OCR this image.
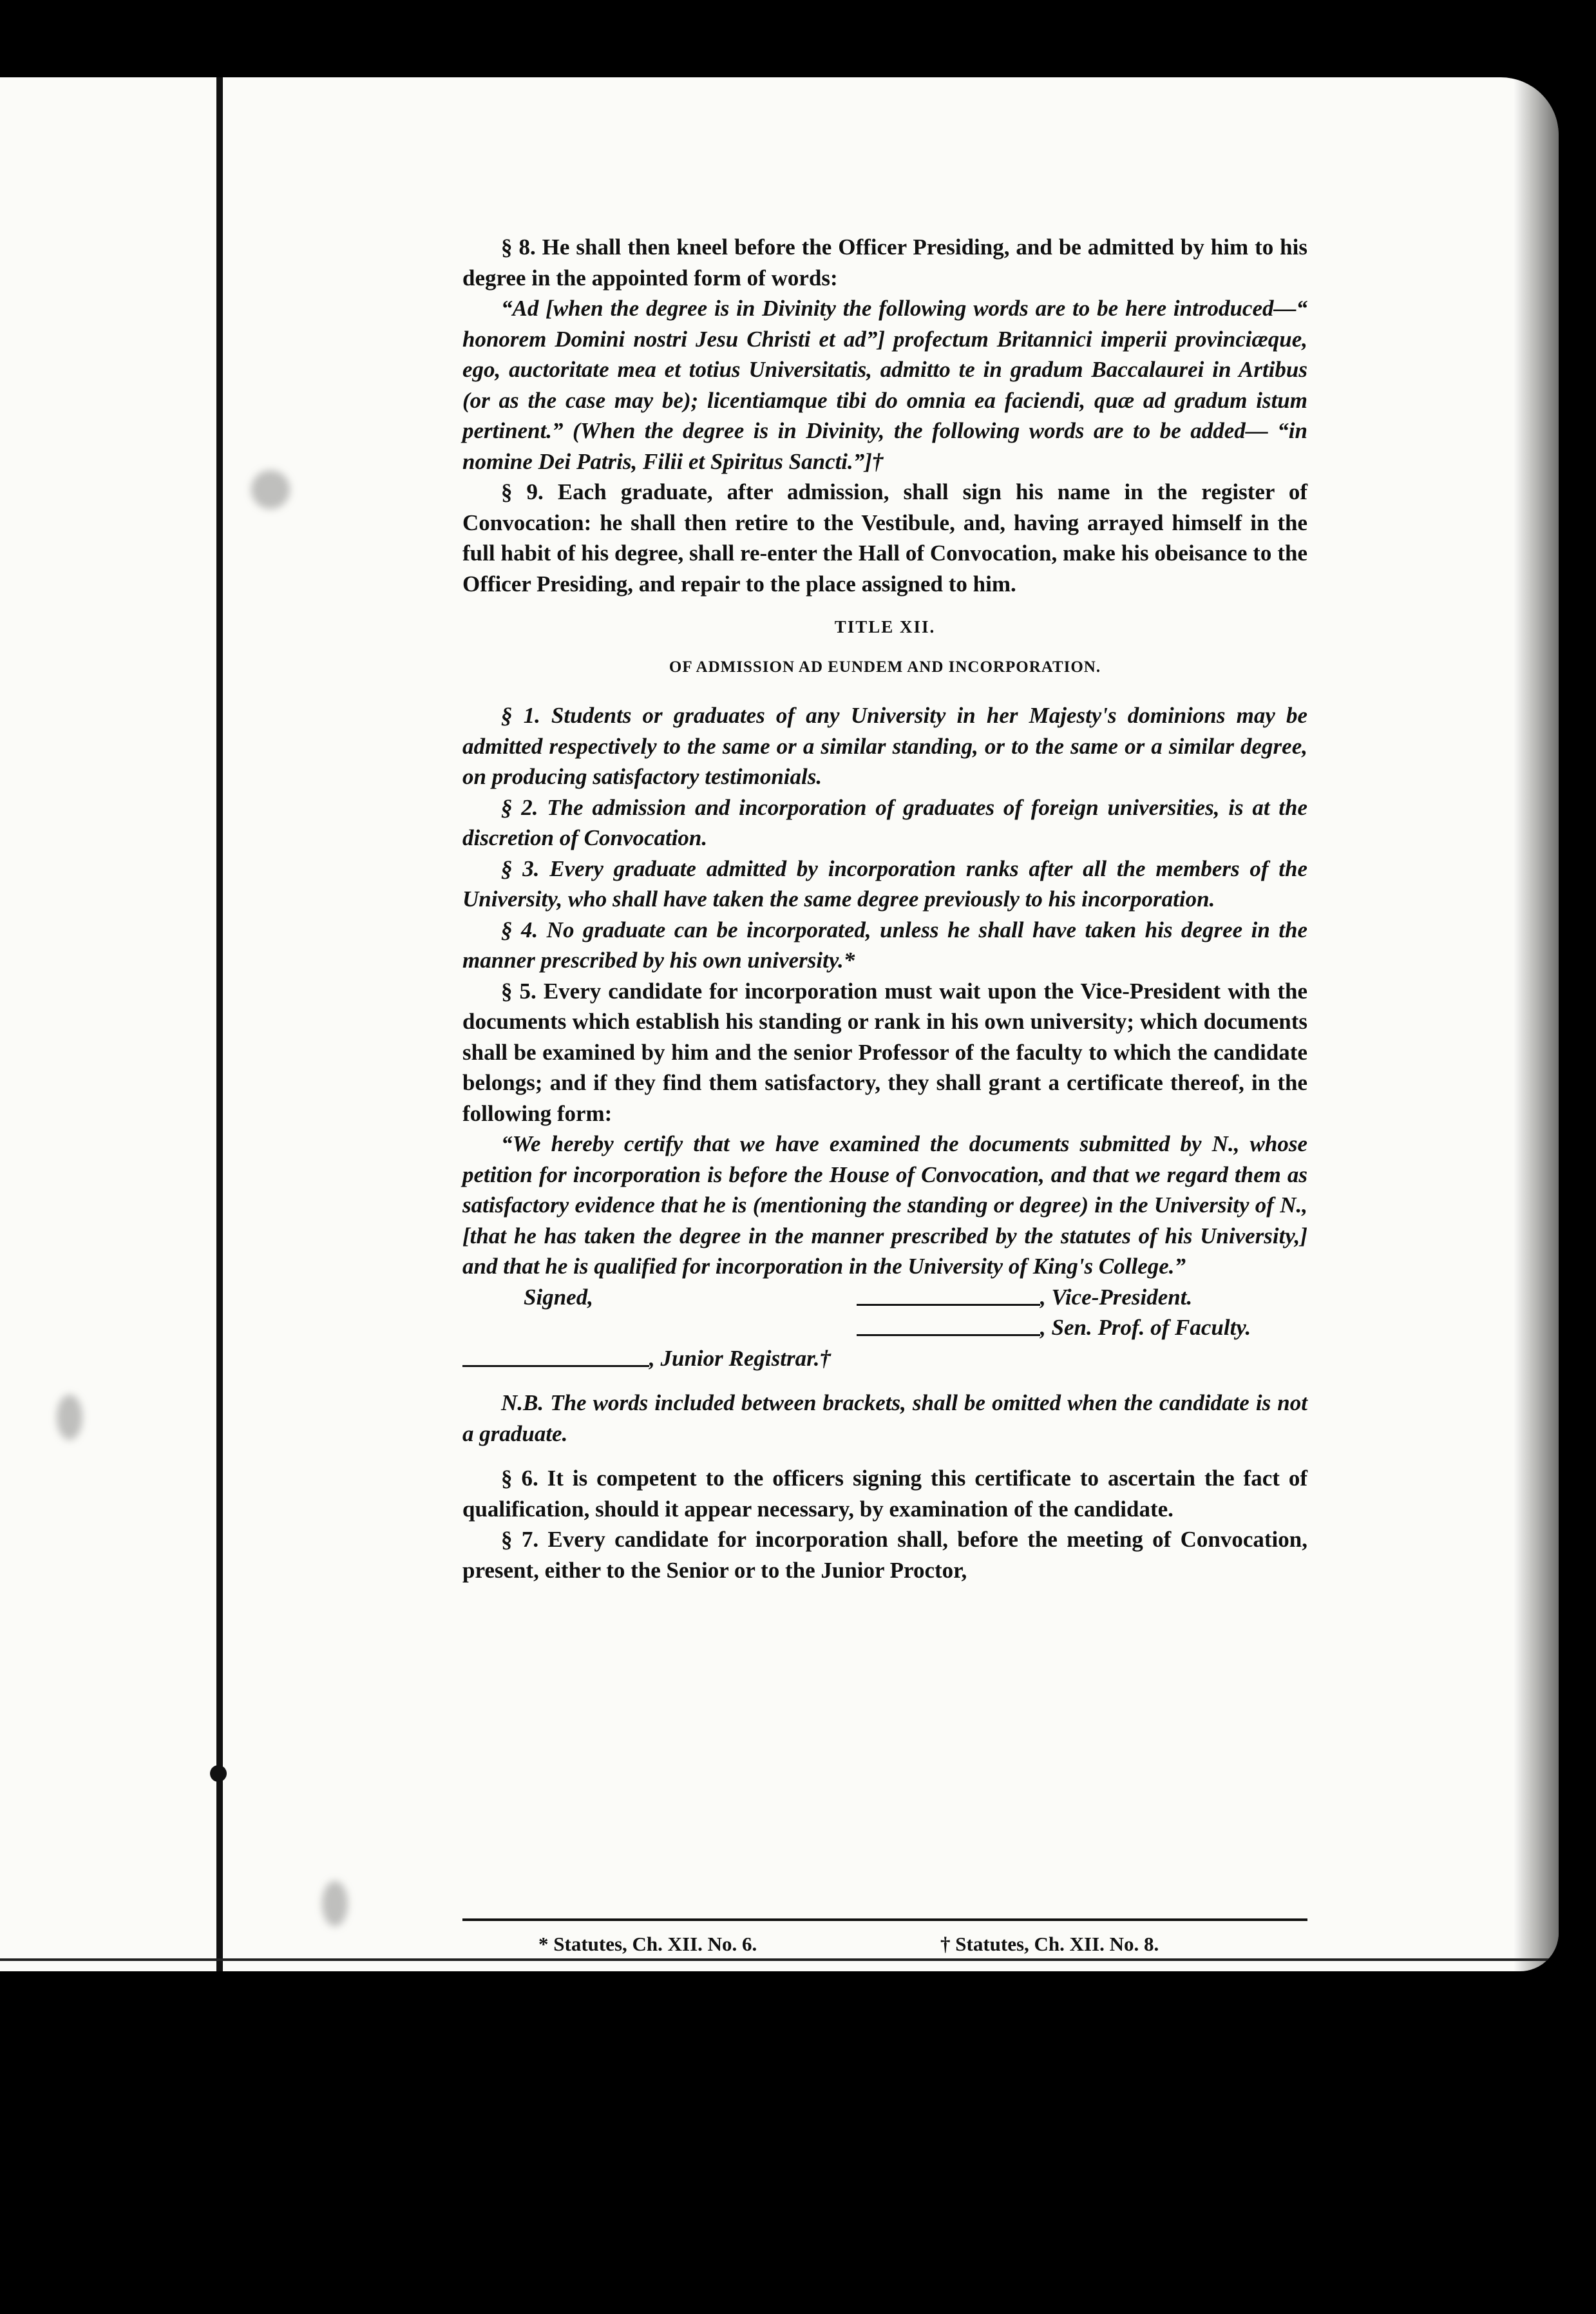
§ 8. He shall then kneel before the Officer Presiding, and be admitted by him to his degree in the appointed form of words:

“Ad [when the degree is in Divinity the following words are to be here introduced—“ honorem Domini nostri Jesu Christi et ad”] profectum Britannici imperii provinciæque, ego, auctoritate mea et totius Universitatis, admitto te in gradum Baccalaurei in Artibus (or as the case may be); licentiamque tibi do omnia ea faciendi, quæ ad gradum istum pertinent.” (When the degree is in Divinity, the following words are to be added— “in nomine Dei Patris, Filii et Spiritus Sancti.”]†

§ 9. Each graduate, after admission, shall sign his name in the register of Convocation: he shall then retire to the Vestibule, and, having arrayed himself in the full habit of his degree, shall re-enter the Hall of Convocation, make his obeisance to the Officer Presiding, and repair to the place assigned to him.

TITLE XII.

OF ADMISSION AD EUNDEM AND INCORPORATION.

§ 1. Students or graduates of any University in her Majesty's dominions may be admitted respectively to the same or a similar standing, or to the same or a similar degree, on producing satisfactory testimonials.

§ 2. The admission and incorporation of graduates of foreign universities, is at the discretion of Convocation.

§ 3. Every graduate admitted by incorporation ranks after all the members of the University, who shall have taken the same degree previously to his incorporation.

§ 4. No graduate can be incorporated, unless he shall have taken his degree in the manner prescribed by his own university.*

§ 5. Every candidate for incorporation must wait upon the Vice-President with the documents which establish his standing or rank in his own university; which documents shall be examined by him and the senior Professor of the faculty to which the candidate belongs; and if they find them satisfactory, they shall grant a certificate thereof, in the following form:

“We hereby certify that we have examined the documents submitted by N., whose petition for incorporation is before the House of Convocation, and that we regard them as satisfactory evidence that he is (mentioning the standing or degree) in the University of N., [that he has taken the degree in the manner prescribed by the statutes of his University,] and that he is qualified for incorporation in the University of King's College.”

Signed,	, Vice-President.
, Sen. Prof. of Faculty.
, Junior Registrar.†

N.B. The words included between brackets, shall be omitted when the candidate is not a graduate.

§ 6. It is competent to the officers signing this certificate to ascertain the fact of qualification, should it appear necessary, by examination of the candidate.

§ 7. Every candidate for incorporation shall, before the meeting of Convocation, present, either to the Senior or to the Junior Proctor,

* Statutes, Ch. XII. No. 6.	† Statutes, Ch. XII. No. 8.
